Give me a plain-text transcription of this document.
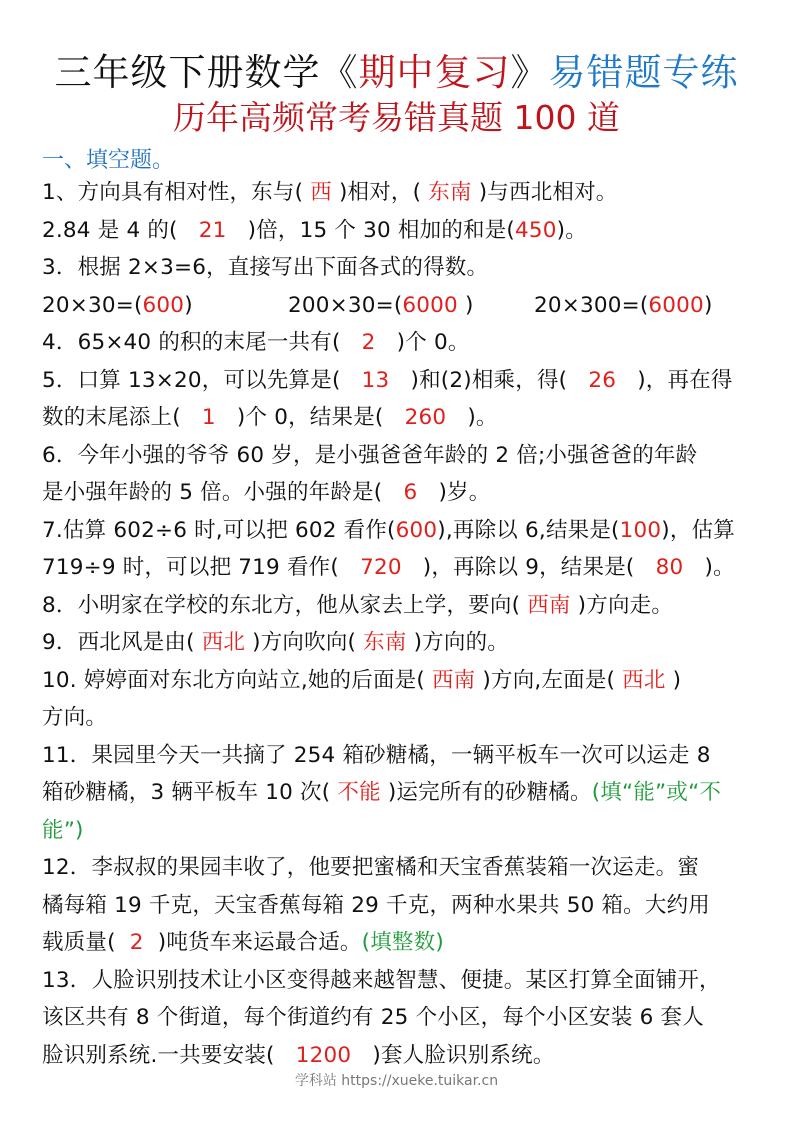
三年级下册数学《期中复习》易错题专练
历年高频常考易错真题 100 道
一、填空题。
1、方向具有相对性，东与( 西 )相对，( 东南 )与西北相对。
2.84 是 4 的(   21   )倍，15 个 30 相加的和是(450)。
3．根据 2×3=6，直接写出下面各式的得数。
20×30=(600)	200×30=(6000 )	20×300=(6000)
4．65×40 的积的末尾一共有(   2   )个 0。
5．口算 13×20，可以先算是(   13   )和(2)相乘，得(   26   )，再在得
数的末尾添上(   1   )个 0，结果是(   260   )。
6．今年小强的爷爷 60 岁，是小强爸爸年龄的 2 倍;小强爸爸的年龄
是小强年龄的 5 倍。小强的年龄是(   6   )岁。
7.估算 602÷6 时,可以把 602 看作(600),再除以 6,结果是(100)，估算
719÷9 时，可以把 719 看作(   720   )，再除以 9，结果是(   80   )。
8．小明家在学校的东北方，他从家去上学，要向( 西南 )方向走。
9．西北风是由( 西北 )方向吹向( 东南 )方向的。
10. 婷婷面对东北方向站立,她的后面是( 西南 )方向,左面是( 西北 )
方向。
11．果园里今天一共摘了 254 箱砂糖橘，一辆平板车一次可以运走 8
箱砂糖橘，3 辆平板车 10 次( 不能 )运完所有的砂糖橘。(填“能”或“不
能”)
12．李叔叔的果园丰收了，他要把蜜橘和天宝香蕉装箱一次运走。蜜
橘每箱 19 千克，天宝香蕉每箱 29 千克，两种水果共 50 箱。大约用
载质量(  2  )吨货车来运最合适。(填整数)
13．人脸识别技术让小区变得越来越智慧、便捷。某区打算全面铺开，
该区共有 8 个街道，每个街道约有 25 个小区，每个小区安装 6 套人
脸识别系统.一共要安装(   1200   )套人脸识别系统。
学科站 https://xueke.tuikar.cn
